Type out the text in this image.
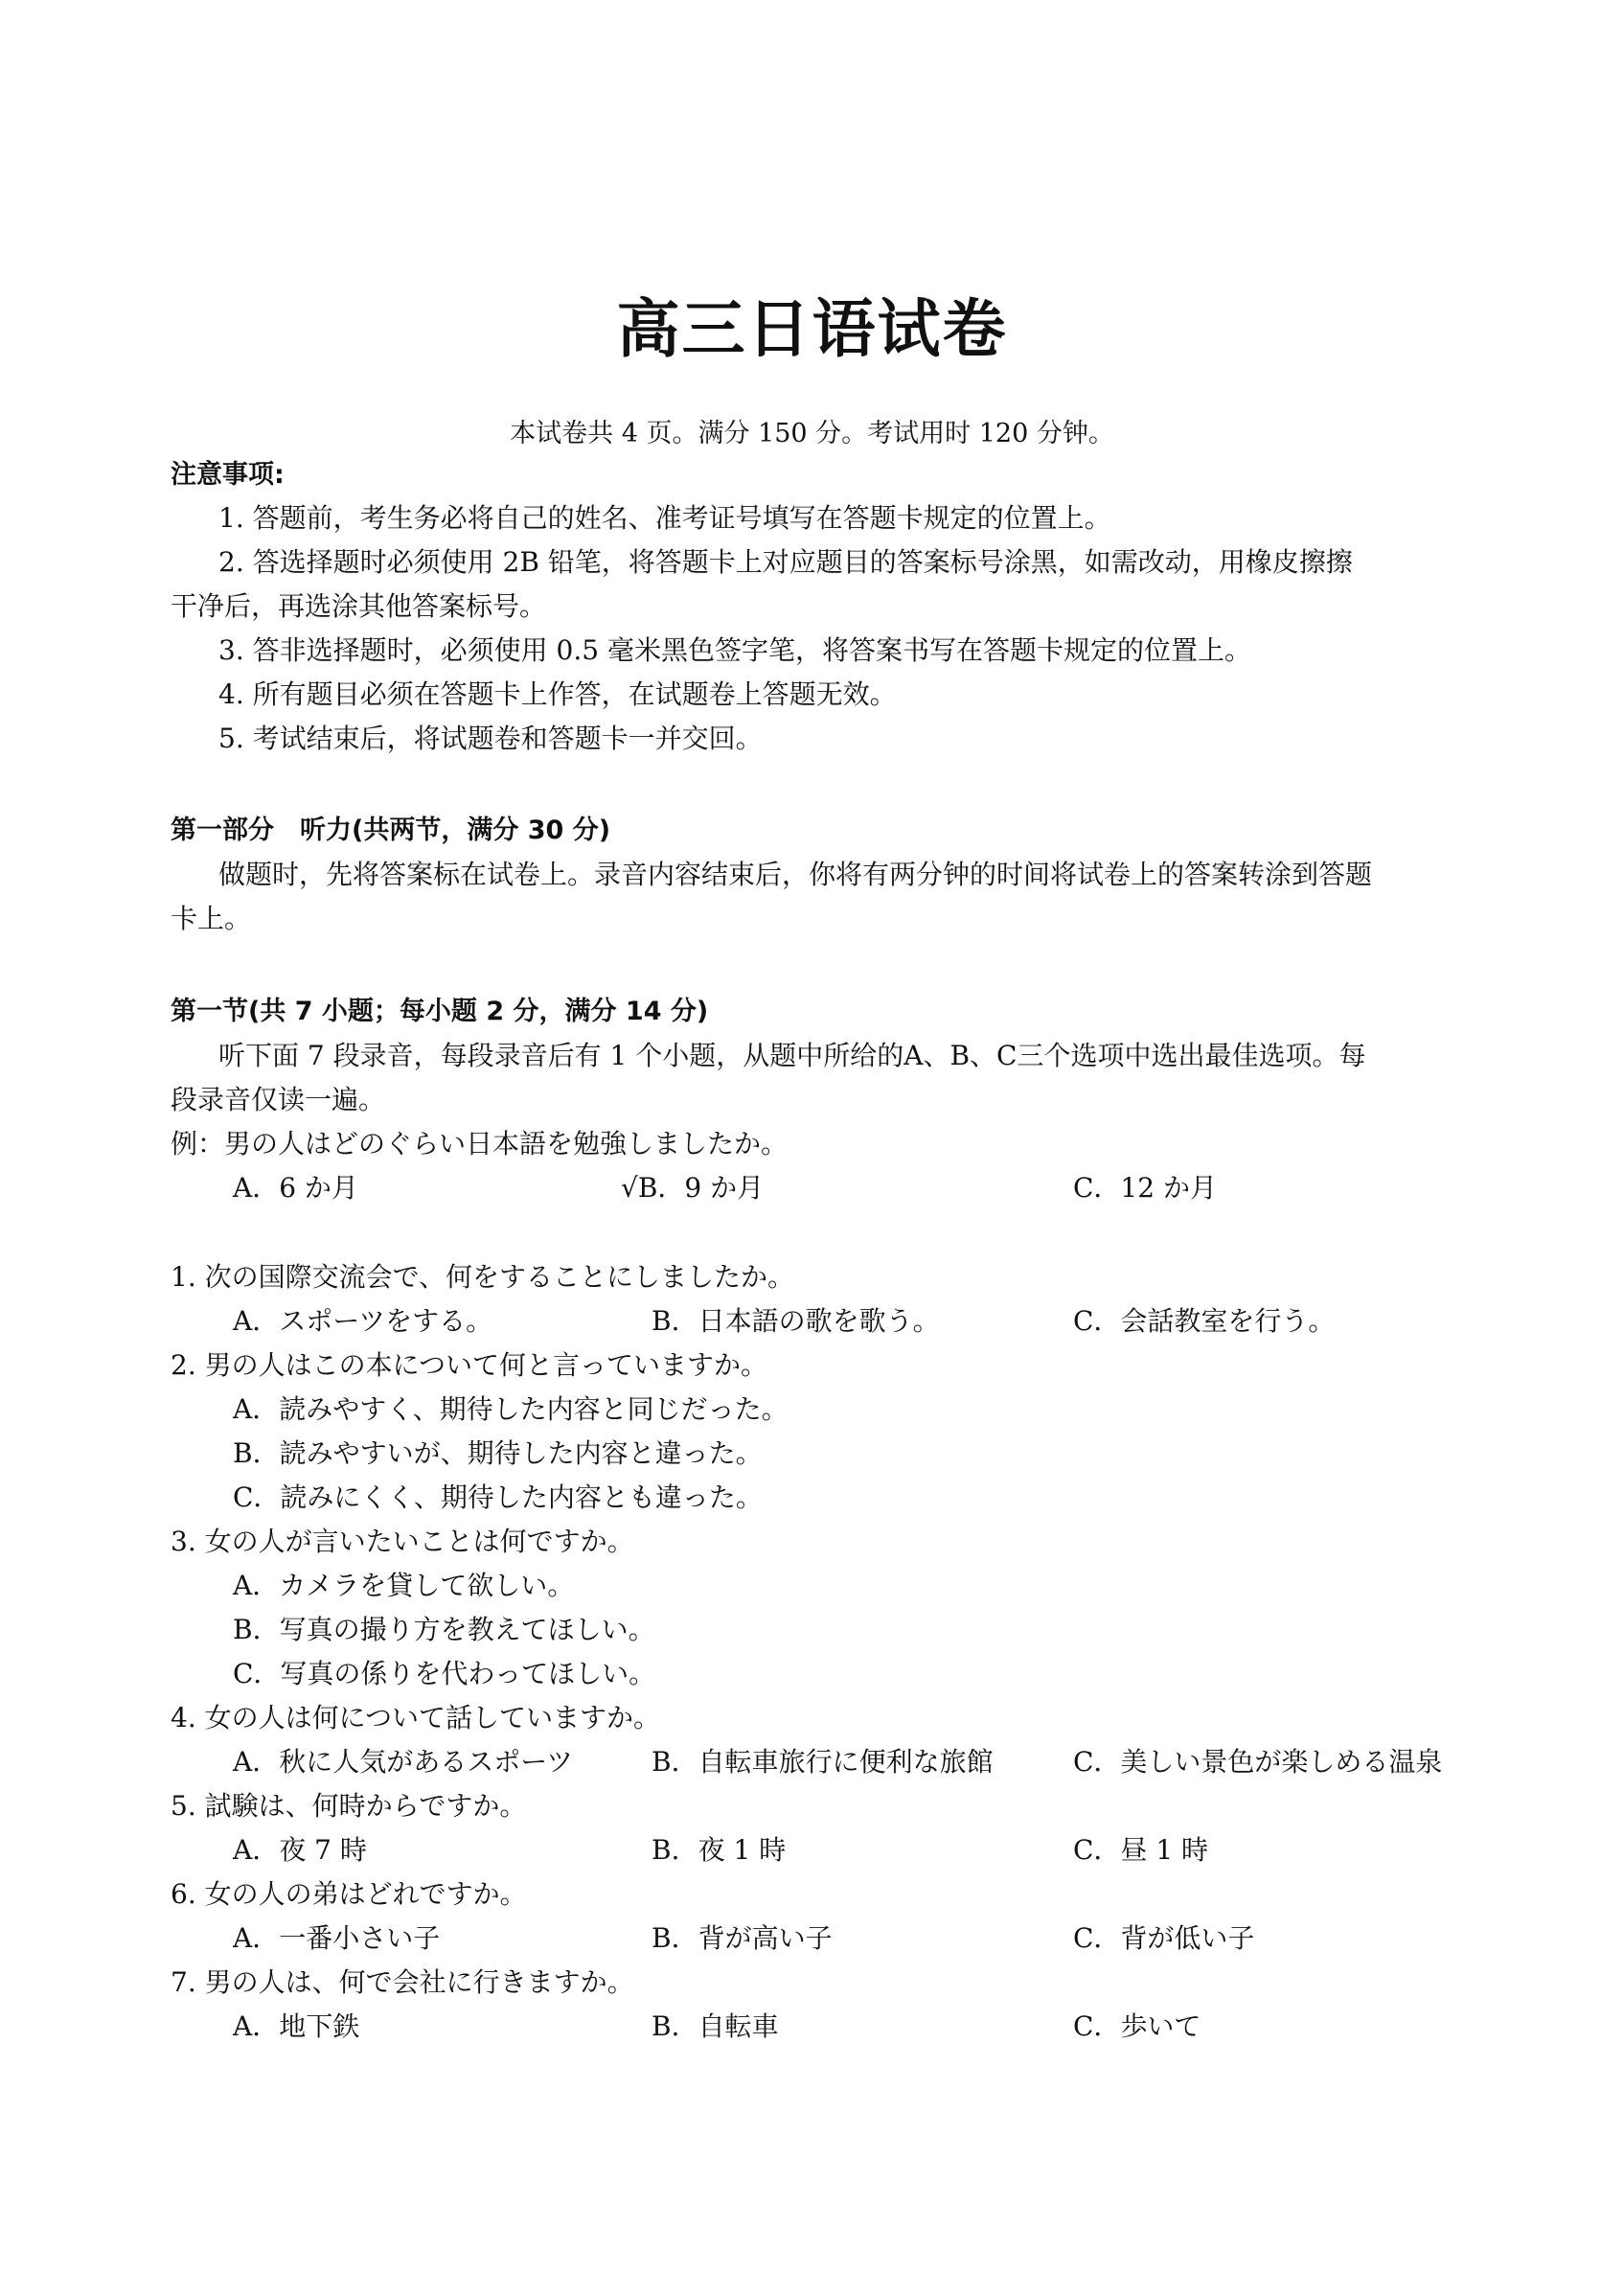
高三日语试卷
本试卷共 4 页。满分 150 分。考试用时 120 分钟。
注意事项:
1. 答题前，考生务必将自己的姓名、准考证号填写在答题卡规定的位置上。
2. 答选择题时必须使用 2B 铅笔，将答题卡上对应题目的答案标号涂黑，如需改动，用橡皮擦擦
干净后，再选涂其他答案标号。
3. 答非选择题时，必须使用 0.5 毫米黑色签字笔，将答案书写在答题卡规定的位置上。
4. 所有题目必须在答题卡上作答，在试题卷上答题无效。
5. 考试结束后，将试题卷和答题卡一并交回。
第一部分　听力(共两节，满分 30 分)
做题时，先将答案标在试卷上。录音内容结束后，你将有两分钟的时间将试卷上的答案转涂到答题
卡上。
第一节(共 7 小题；每小题 2 分，满分 14 分)
听下面 7 段录音，每段录音后有 1 个小题，从题中所给的A、B、C三个选项中选出最佳选项。每
段录音仅读一遍。
例：男の人はどのぐらい日本語を勉強しましたか。
A．6 か月	√B．9 か月	C．12 か月
1. 次の国際交流会で、何をすることにしましたか。
A．スポーツをする。	B．日本語の歌を歌う。	C．会話教室を行う。
2. 男の人はこの本について何と言っていますか。
A．読みやすく、期待した内容と同じだった。
B．読みやすいが、期待した内容と違った。
C．読みにくく、期待した内容とも違った。
3. 女の人が言いたいことは何ですか。
A．カメラを貸して欲しい。
B．写真の撮り方を教えてほしい。
C．写真の係りを代わってほしい。
4. 女の人は何について話していますか。
A．秋に人気があるスポーツ	B．自転車旅行に便利な旅館	C．美しい景色が楽しめる温泉
5. 試験は、何時からですか。
A．夜 7 時	B．夜 1 時	C．昼 1 時
6. 女の人の弟はどれですか。
A．一番小さい子	B．背が高い子	C．背が低い子
7. 男の人は、何で会社に行きますか。
A．地下鉄	B．自転車	C．歩いて
